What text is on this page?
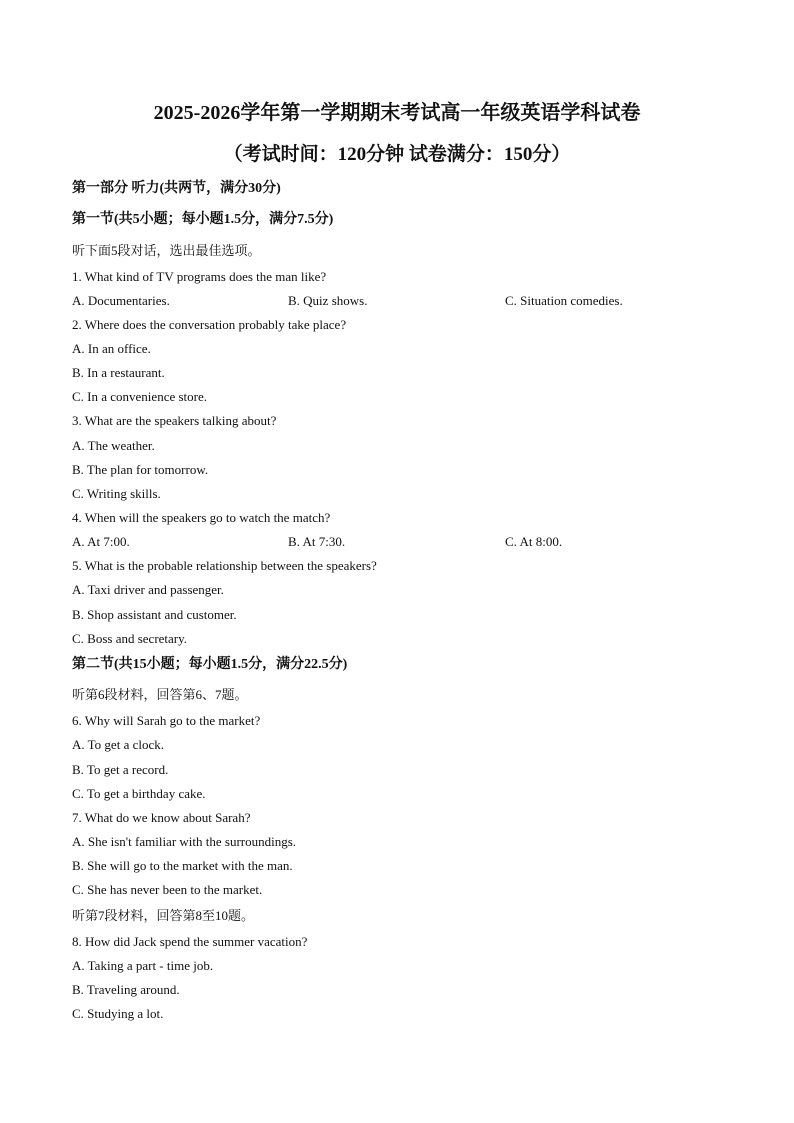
2025-2026学年第一学期期末考试高一年级英语学科试卷
（考试时间：120分钟 试卷满分：150分）
第一部分 听力(共两节，满分30分)
第一节(共5小题；每小题1.5分，满分7.5分)
听下面5段对话，选出最佳选项。
1. What kind of TV programs does the man like?
A. Documentaries.	B. Quiz shows.	C. Situation comedies.
2. Where does the conversation probably take place?
A. In an office.
B. In a restaurant.
C. In a convenience store.
3. What are the speakers talking about?
A. The weather.
B. The plan for tomorrow.
C. Writing skills.
4. When will the speakers go to watch the match?
A. At 7:00.	B. At 7:30.	C. At 8:00.
5. What is the probable relationship between the speakers?
A. Taxi driver and passenger.
B. Shop assistant and customer.
C. Boss and secretary.
第二节(共15小题；每小题1.5分，满分22.5分)
听第6段材料，回答第6、7题。
6. Why will Sarah go to the market?
A. To get a clock.
B. To get a record.
C. To get a birthday cake.
7. What do we know about Sarah?
A. She isn't familiar with the surroundings.
B. She will go to the market with the man.
C. She has never been to the market.
听第7段材料，回答第8至10题。
8. How did Jack spend the summer vacation?
A. Taking a part - time job.
B. Traveling around.
C. Studying a lot.
